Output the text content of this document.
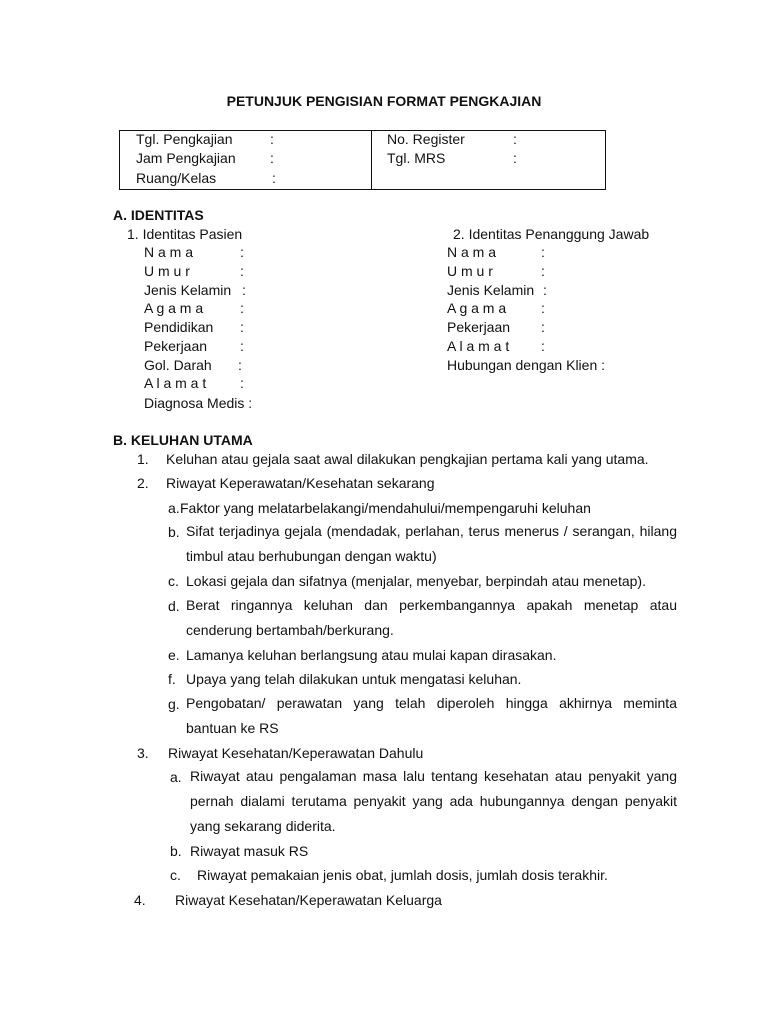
PETUNJUK PENGISIAN FORMAT PENGKAJIAN
Tgl. Pengkajian	:
Jam Pengkajian :
Ruang/Kelas	:
No. Register	:
Tgl. MRS	:
A. IDENTITAS
1. Identitas Pasien	2. Identitas Penanggung Jawab
N a m a	:
U m u r	:
Jenis Kelamin :
A g a m a	:
Pendidikan :
Pekerjaan :
Gol. Darah :
A l a m a t :
Diagnosa Medis :
N a m a	:
U m u r	:
Jenis Kelamin :
A g a m a :
Pekerjaan :
A l a m a t :
Hubungan dengan Klien :
B. KELUHAN UTAMA
1. Keluhan atau gejala saat awal dilakukan pengkajian pertama kali yang utama.
2. Riwayat Keperawatan/Kesehatan sekarang
a. Faktor yang melatarbelakangi/mendahului/mempengaruhi keluhan
b. Sifat terjadinya gejala (mendadak, perlahan, terus menerus / serangan, hilang timbul atau berhubungan dengan waktu)
c. Lokasi gejala dan sifatnya (menjalar, menyebar, berpindah atau menetap).
d. Berat ringannya keluhan dan perkembangannya apakah menetap atau cenderung bertambah/berkurang.
e. Lamanya keluhan berlangsung atau mulai kapan dirasakan.
f. Upaya yang telah dilakukan untuk mengatasi keluhan.
g. Pengobatan/ perawatan yang telah diperoleh hingga akhirnya meminta bantuan ke RS
3. Riwayat Kesehatan/Keperawatan Dahulu
a. Riwayat atau pengalaman masa lalu tentang kesehatan atau penyakit yang pernah dialami terutama penyakit yang ada hubungannya dengan penyakit yang sekarang diderita.
b. Riwayat masuk RS
c. Riwayat pemakaian jenis obat, jumlah dosis, jumlah dosis terakhir.
4. Riwayat Kesehatan/Keperawatan Keluarga
